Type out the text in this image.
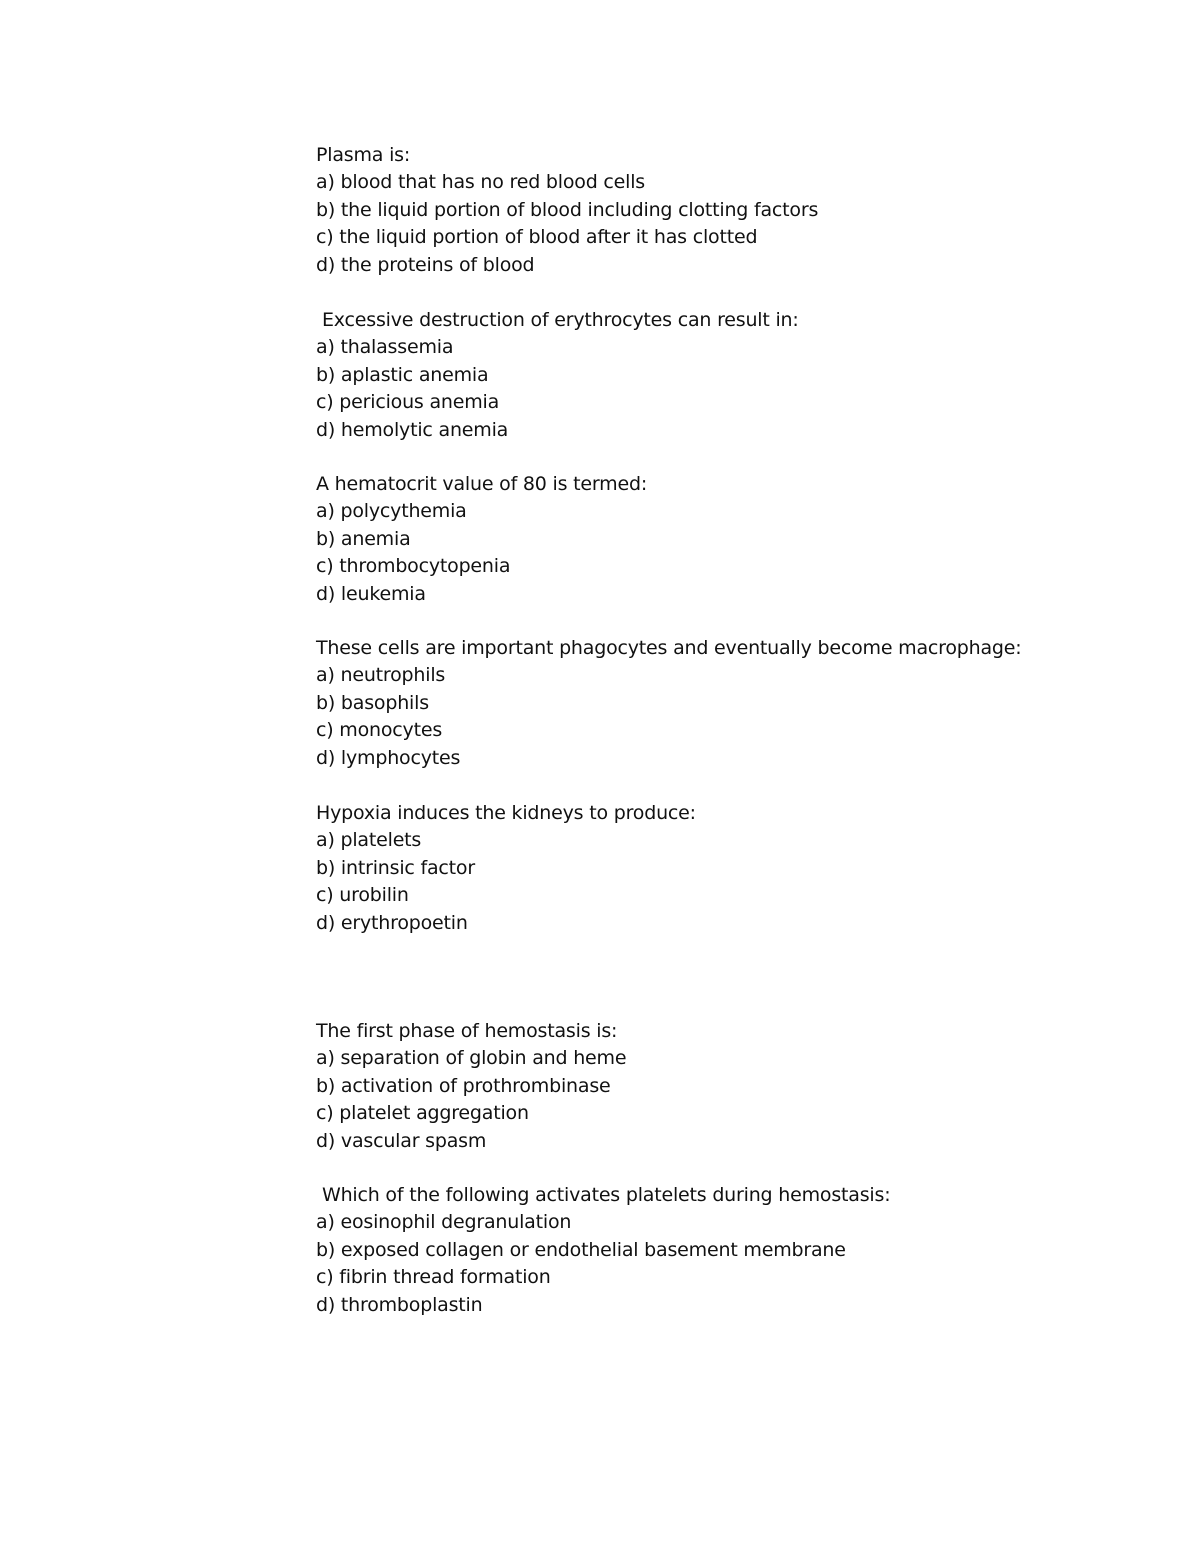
Plasma is:
a) blood that has no red blood cells
b) the liquid portion of blood including clotting factors
c) the liquid portion of blood after it has clotted
d) the proteins of blood
Excessive destruction of erythrocytes can result in:
a) thalassemia
b) aplastic anemia
c) pericious anemia
d) hemolytic anemia
A hematocrit value of 80 is termed:
a) polycythemia
b) anemia
c) thrombocytopenia
d) leukemia
These cells are important phagocytes and eventually become macrophage:
a) neutrophils
b) basophils
c) monocytes
d) lymphocytes
Hypoxia induces the kidneys to produce:
a) platelets
b) intrinsic factor
c) urobilin
d) erythropoetin
The first phase of hemostasis is:
a) separation of globin and heme
b) activation of prothrombinase
c) platelet aggregation
d) vascular spasm
Which of the following activates platelets during hemostasis:
a) eosinophil degranulation
b) exposed collagen or endothelial basement membrane
c) fibrin thread formation
d) thromboplastin
